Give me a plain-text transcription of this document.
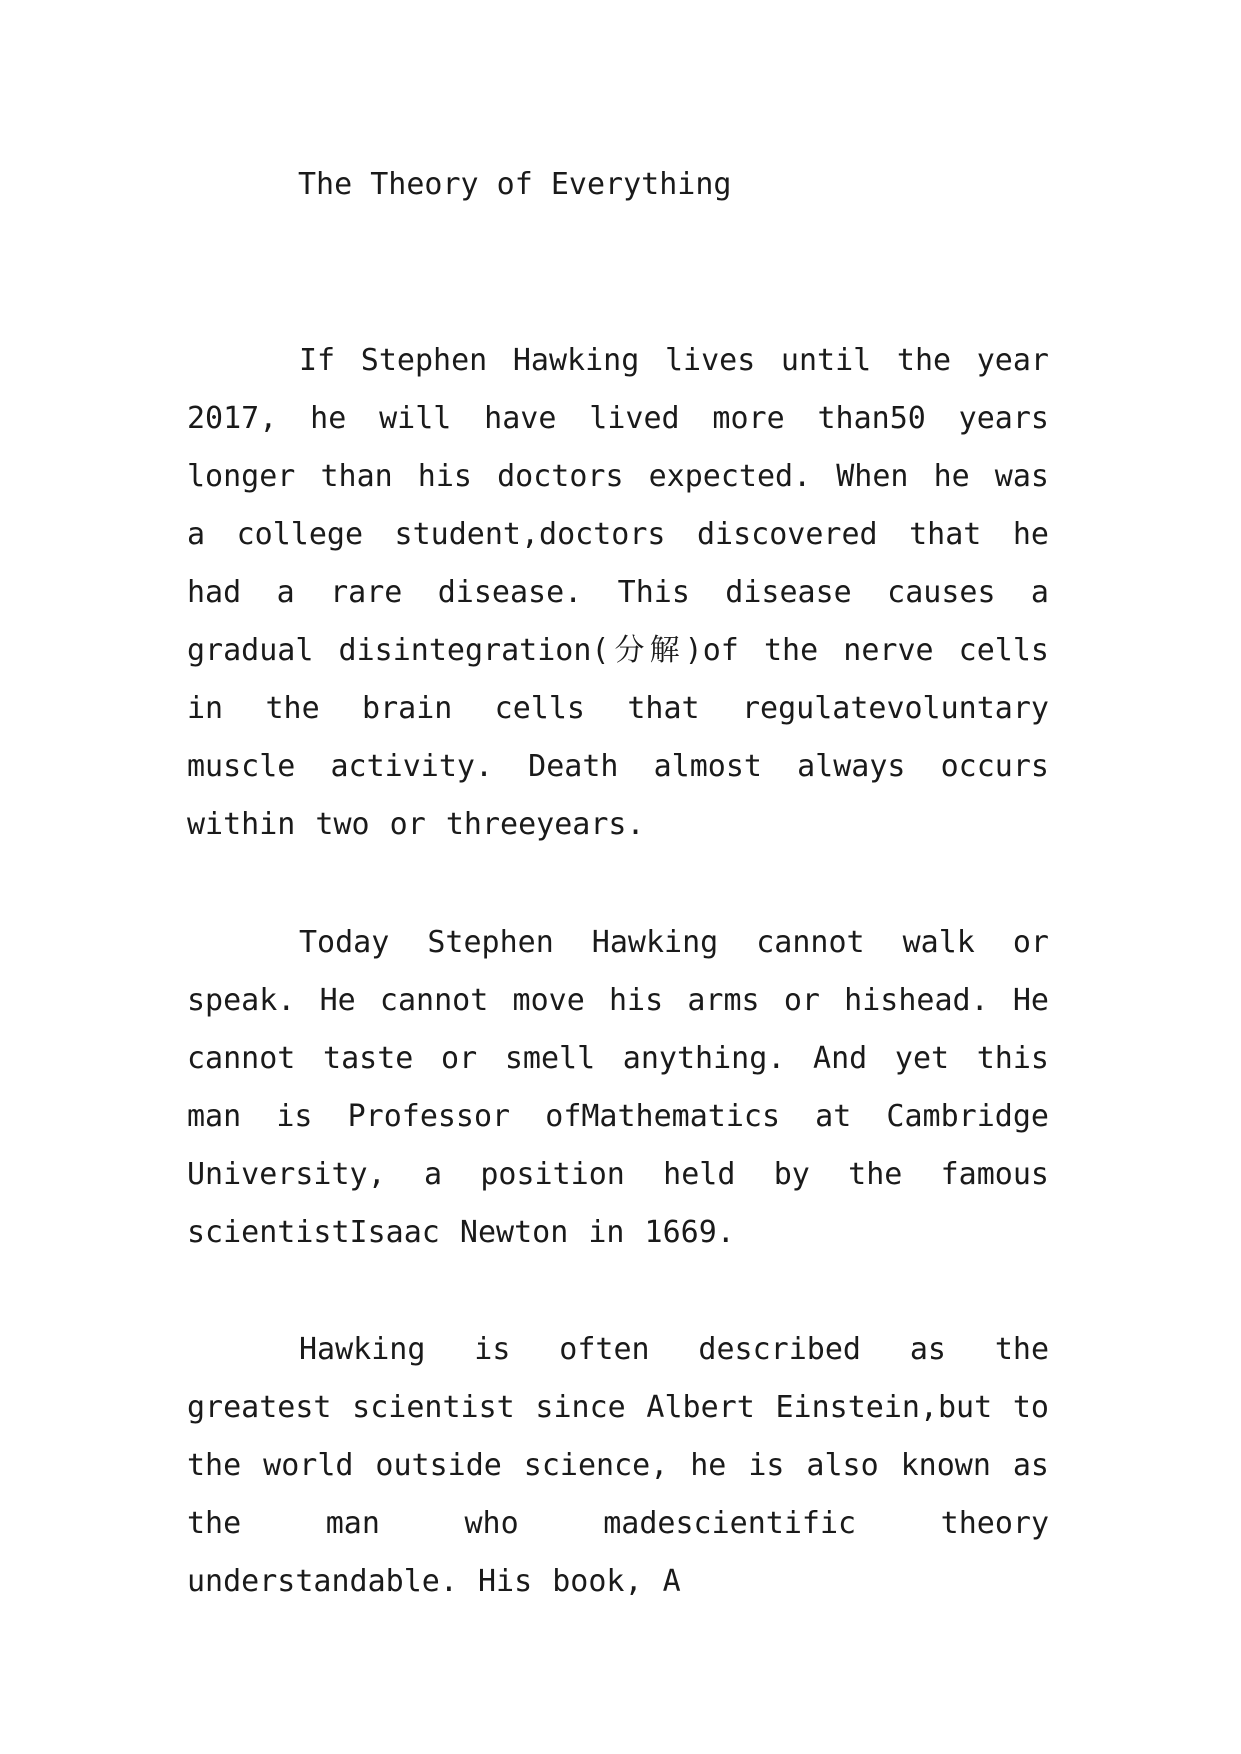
The Theory of Everything

If Stephen Hawking lives until the year 2017, he will have lived more than50 years longer than his doctors expected. When he was a college student,doctors discovered that he had a rare disease. This disease causes a gradual disintegration(分解)of the nerve cells in the brain cells that regulatevoluntary muscle activity. Death almost always occurs within two or threeyears.

Today Stephen Hawking cannot walk or speak. He cannot move his arms or hishead. He cannot taste or smell anything. And yet this man is Professor ofMathematics at Cambridge University, a position held by the famous scientistIsaac Newton in 1669.

Hawking is often described as the greatest scientist since Albert Einstein,but to the world outside science, he is also known as the man who madescientific theory understandable. His book, A
